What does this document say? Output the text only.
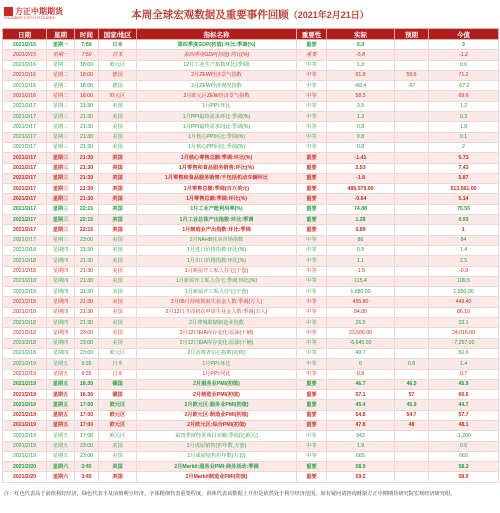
方正中期期货
FOUNDER CIFCO FUTURES	本周全球宏观数据及重要事件回顾（2021年2月21日）
日期	星期	时间	国家/地区	指标名称	重要性	实际	预期	今值
2021/2/15	星期一	7:50	日本	第四季度GDP(初值):环比:季调(%)	重要	5.3		3
2021/2/15	星期一	7:50	日本	第四季度GDP(初值):同比(%)	重要	-5.8		-1.2
2021/2/16	星期二	18:00	欧元区	12月工业生产指数环比(季调)	中等	1.3		0.6
2021/2/16	星期二	18:00	德国	2月ZEW经济景气指数	中等	61.8	59.6	71.2
2021/2/16	星期二	18:00	德国	2月ZEW经济现况指数	中等	-66.4	-67	-67.2
2021/2/16	星期二	18:00	欧元区	2月欧元区ZEW经济景气指数	中等	58.3		69.6
2021/2/17	星期三	21:30	美国	1月PPI:环比	中等	3.5		1.2
2021/2/17	星期三	21:30	美国	1月PPI最终需求环比:季调(%)	中等	1.3		0.3
2021/2/17	星期三	21:30	美国	1月PPI最终需求同比:季调(%)	中等	0.8		1.8
2021/2/17	星期三	21:30	美国	1月核心PPI环比:季调(%)	中等	0.8		0.1
2021/2/17	星期三	21:30	美国	1月核心PPI同比:季调(%)	中等	0.8		2
2021/2/17	星期三	21:30	美国	1月核心零售总额:季调:环比(%)	重要	-1.41		5.73
2021/2/17	星期三	21:30	美国	1月零售和食品服务销售:环比(%)	重要	2.53		7.43
2021/2/17	星期三	21:30	美国	1月零售和食品服务销售:不包括机动车辆环比	重要	-1.8		5.87
2021/2/17	星期三	21:30	美国	1月零售总额:季调(百万美元)	重要	488,579.00		513,561.00
2021/2/17	星期三	21:30	美国	1月零售总额:季调:环比(%)	重要	-0.64		5.14
2021/2/17	星期三	22:15	美国	1月工业产能利用率(%)	重要	74.88		75.55
2021/2/17	星期三	22:15	美国	1月工业总体产出指数:环比:季调	重要	1.28		0.93
2021/2/17	星期三	22:15	美国	1月制造业产出指数:环比:季调	重要	0.89		1
2021/2/17	星期三	23:00	美国	2月NAHB住房市场指数	中等	86		84
2021/2/18	星期四	21:30	美国	1月进口价格指数:环比(%)	中等	0.9		1.4
2021/2/18	星期四	21:30	美国	1月出口价格指数:环比(%)	中等	1.1		2.5
2021/2/18	星期四	21:30	美国	1月新屋开工私人住宅(千套)	中等	-1.5		-0.9
2021/2/18	星期四	21:30	美国	1月新屋开工私人住宅:季调:环比(%)	中等	115.4		109.5
2021/2/18	星期四	21:30	美国	1月新屋开工私人住宅(千套)	中等	1,680.00		1,580.00
2021/2/18	星期四	21:30	美国	2月06日持续领取失业金人数:季调(万人)	中等	455.80		449.40
2021/2/18	星期四	21:30	美国	2月13日当周初次申请失业金人数:季调(万人)	中等	84.80		86.10
2021/2/18	星期四	21:30	美国	2月费城联储制造业指数	中等	26.5		23.1
2021/2/18	星期四	23:00	美国	2月12日EIA库存变化:原油(千桶)	中等	23,580.00		24,016.00
2021/2/18	星期四	23:00	美国	2月12日EIA库存变化:原油(千桶)	中等	-6,645.00		-7,257.00
2021/2/18	星期四	23:00	欧元区	2月消费者信心指数(初值)	中等	49.7		50.6
2021/2/19	星期五	9:35	日本	1月PPI:环比	中等	0	0.8	1.4
2021/2/19	星期五	9:35	日本	1月PPI:同比	中等	0.8		0.7
2021/2/19	星期五	16:30	德国	2月服务业PMI(初值)	重要	46.7	46.5	45.9
2021/2/19	星期五	16:30	德国	2月制造业PMI(初值)	重要	57.1	57	60.6
2021/2/19	星期五	17:00	欧元区	2月欧元区:服务业PMI(初值)	重要	45.4	45.9	44.7
2021/2/19	星期五	17:00	欧元区	2月欧元区:制造业PMI(初值)	重要	54.8	54.7	57.7
2021/2/19	星期五	17:00	欧元区	2月欧元区:综合PMI(初值)	重要	47.8	48	48.1
2021/2/19	星期五	17:00	欧元区	第四季度经常项目差额:季调(亿欧元)	中等	942		-1,200
2021/2/19	星期五	23:00	美国	1月成屋销售(折年数,万套)	中等	1.9		0.6
2021/2/19	星期五	23:00	美国	1月成屋销售折年数(万套)	中等	665		669
2021/2/20	星期六	3:45	美国	2月Markit:服务业PMI:商务活动:季调	重要	58.9		58.3
2021/2/20	星期六	3:45	美国	2月Markit制造业PMI(初值)	重要	59.2		58.9
注：红色代表高于前值利好经济，绿色代表不及前值利空经济。字体粗细代表重要程度，斜体代表该数据上升但是依然处于利空经济范围。如有疑问请咨询财新方正中期期货研究院宏观经济研究组。
